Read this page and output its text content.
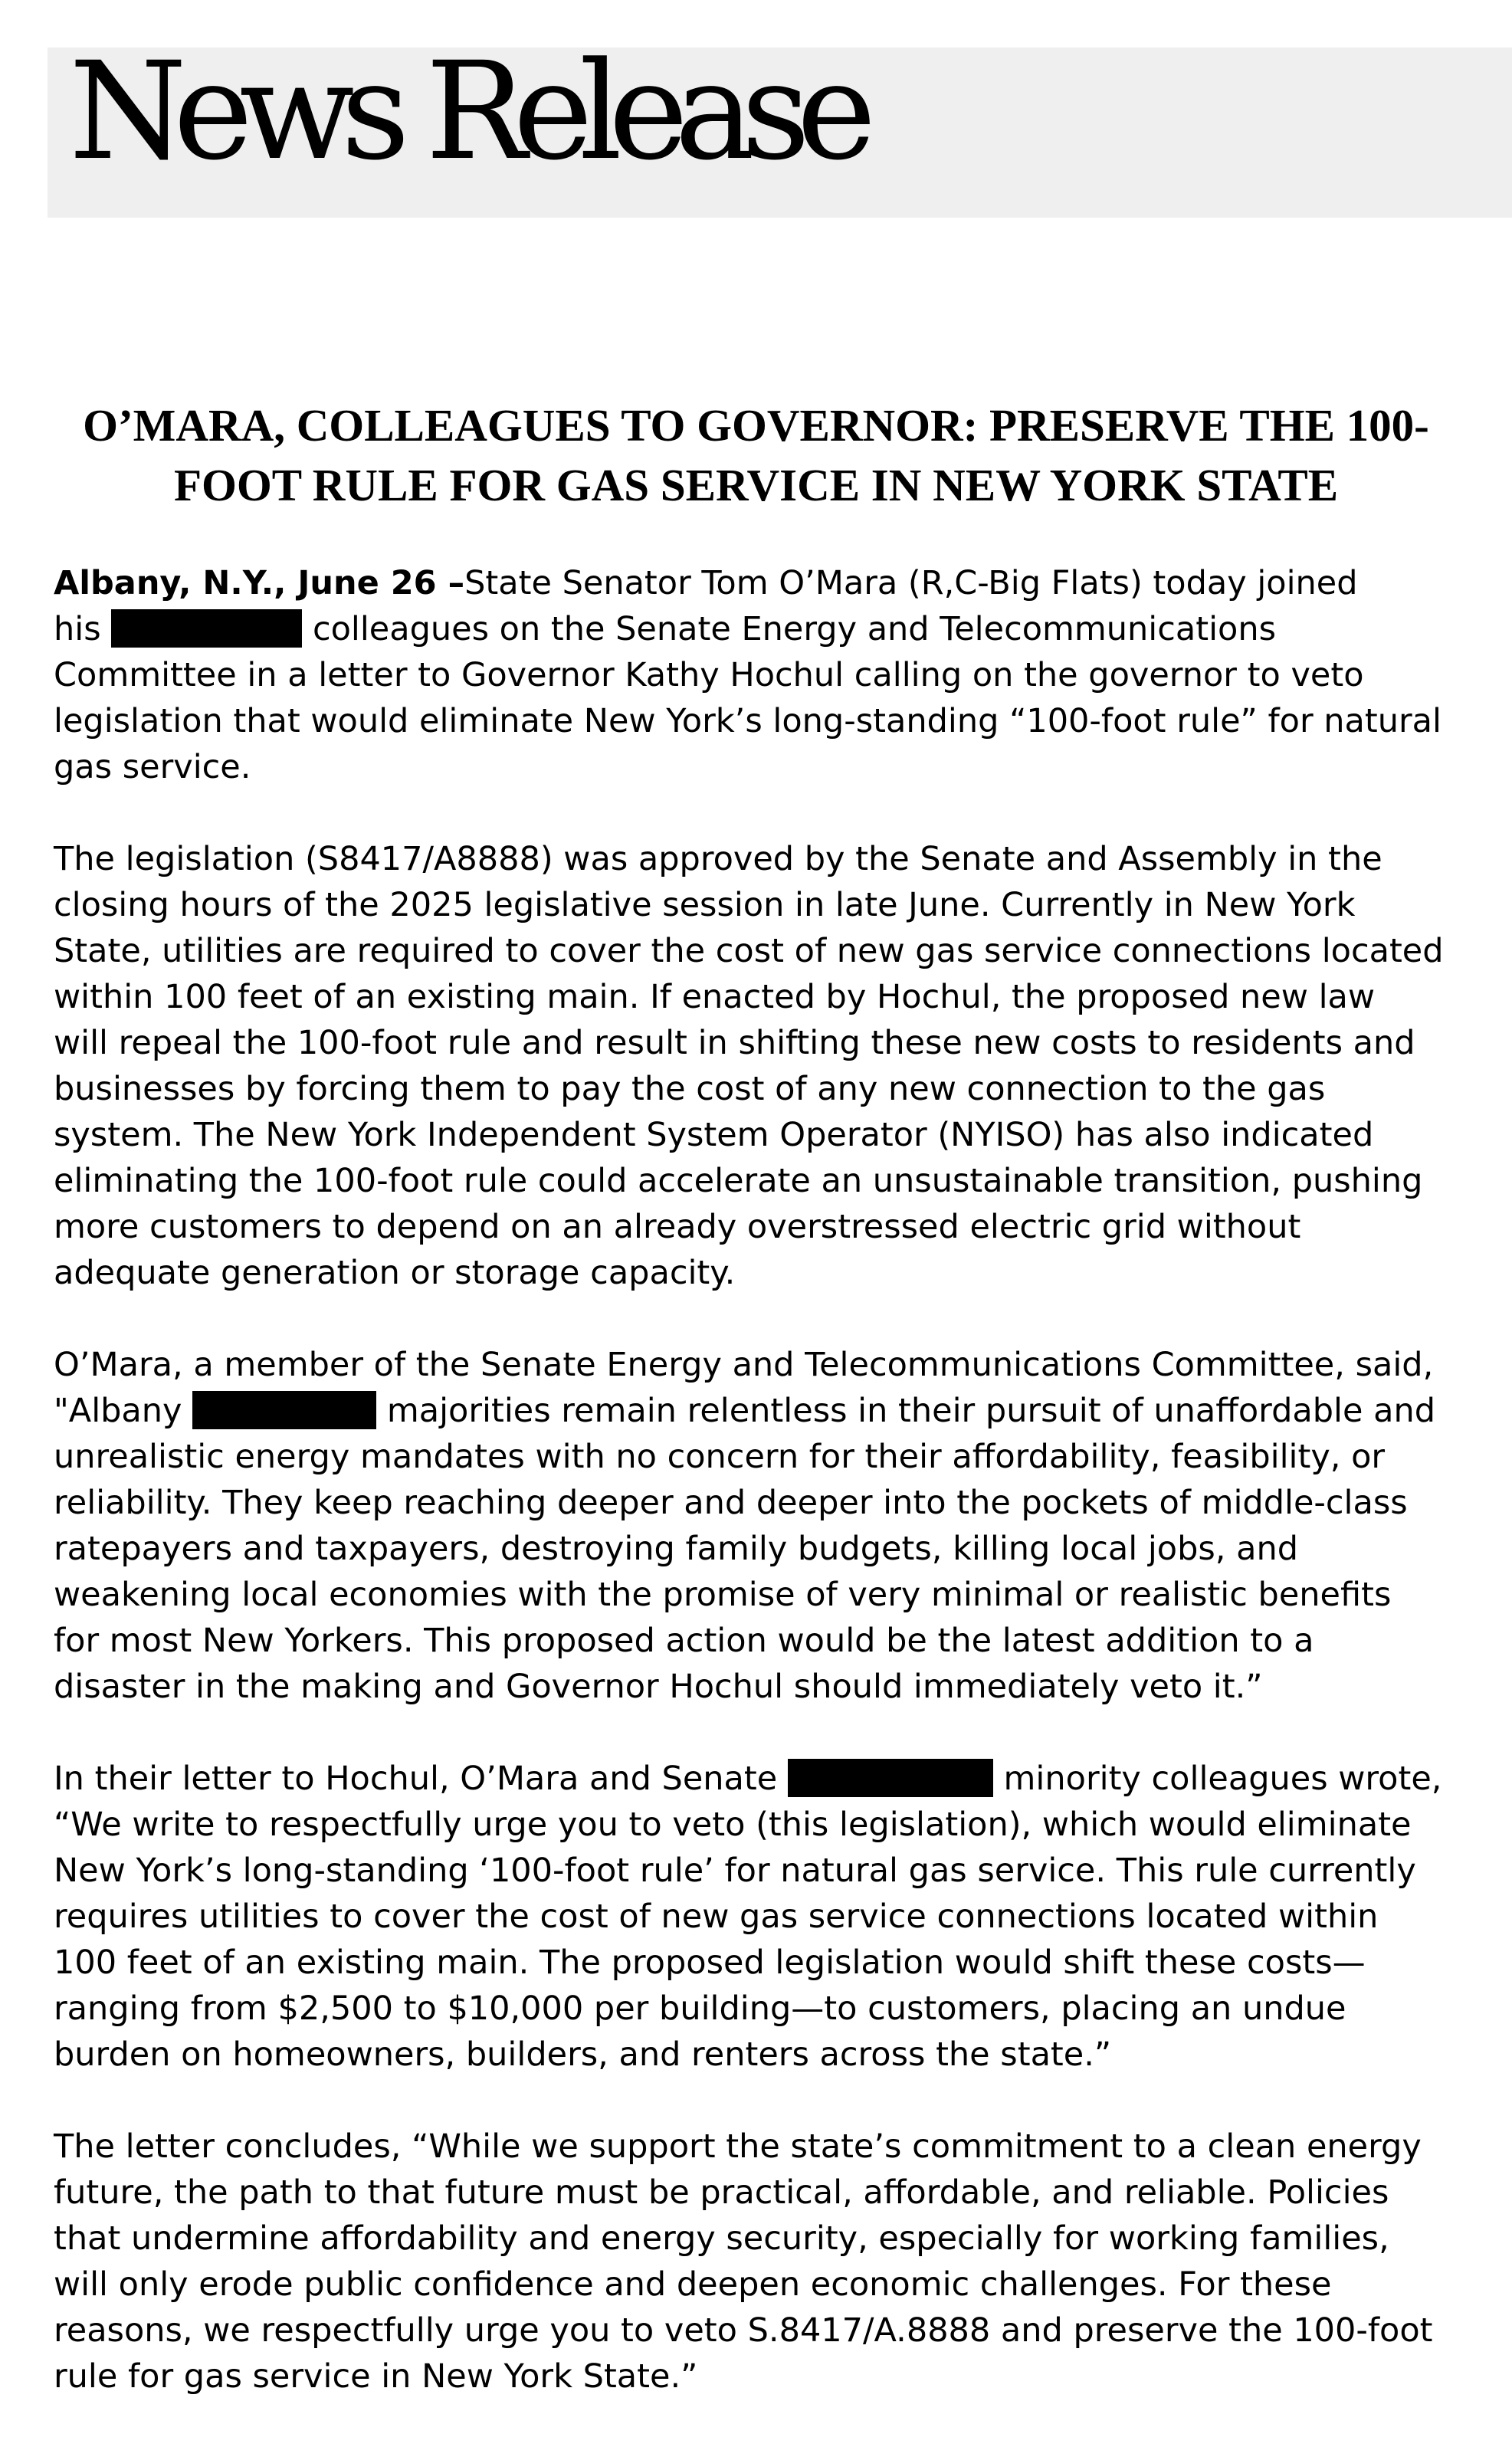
News Release
O’MARA, COLLEAGUES TO GOVERNOR: PRESERVE THE 100-
FOOT RULE FOR GAS SERVICE IN NEW YORK STATE
Albany, N.Y., June 26 –State Senator Tom O’Mara (R,C-Big Flats) today joined
his	colleagues on the Senate Energy and Telecommunications
Committee in a letter to Governor Kathy Hochul calling on the governor to veto
legislation that would eliminate New York’s long-standing “100-foot rule” for natural
gas service.
The legislation (S8417/A8888) was approved by the Senate and Assembly in the
closing hours of the 2025 legislative session in late June. Currently in New York
State, utilities are required to cover the cost of new gas service connections located
within 100 feet of an existing main. If enacted by Hochul, the proposed new law
will repeal the 100-foot rule and result in shifting these new costs to residents and
businesses by forcing them to pay the cost of any new connection to the gas
system. The New York Independent System Operator (NYISO) has also indicated
eliminating the 100-foot rule could accelerate an unsustainable transition, pushing
more customers to depend on an already overstressed electric grid without
adequate generation or storage capacity.
O’Mara, a member of the Senate Energy and Telecommunications Committee, said,
"Albany	majorities remain relentless in their pursuit of unaffordable and
unrealistic energy mandates with no concern for their affordability, feasibility, or
reliability. They keep reaching deeper and deeper into the pockets of middle-class
ratepayers and taxpayers, destroying family budgets, killing local jobs, and
weakening local economies with the promise of very minimal or realistic benefits
for most New Yorkers. This proposed action would be the latest addition to a
disaster in the making and Governor Hochul should immediately veto it.”
In their letter to Hochul, O’Mara and Senate	minority colleagues wrote,
“We write to respectfully urge you to veto (this legislation), which would eliminate
New York’s long-standing ‘100-foot rule’ for natural gas service. This rule currently
requires utilities to cover the cost of new gas service connections located within
100 feet of an existing main. The proposed legislation would shift these costs—
ranging from $2,500 to $10,000 per building—to customers, placing an undue
burden on homeowners, builders, and renters across the state.”
The letter concludes, “While we support the state’s commitment to a clean energy
future, the path to that future must be practical, affordable, and reliable. Policies
that undermine affordability and energy security, especially for working families,
will only erode public confidence and deepen economic challenges. For these
reasons, we respectfully urge you to veto S.8417/A.8888 and preserve the 100-foot
rule for gas service in New York State.”
